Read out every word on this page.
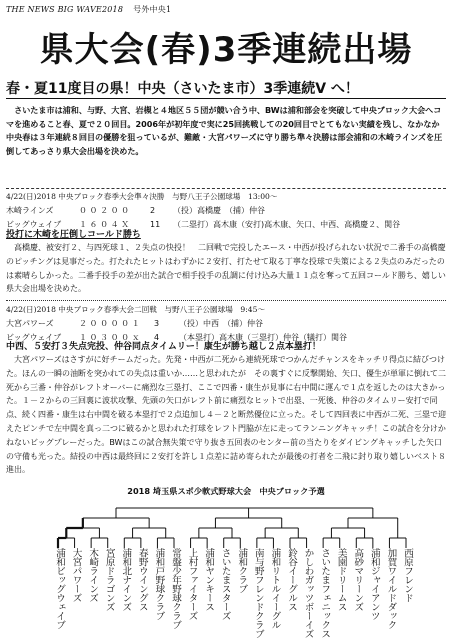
THE NEWS BIG WAVE2018 号外中央1
県大会(春)3季連続出場
春・夏11度目の県！中央（さいたま市）3季連続V へ！

さいたま市は浦和、与野、大宮、岩槻と４地区５５団が競い合う中、BWは浦和部会を突破して中央ブロック大会へコマを進めること春、夏で２０回目。2006年が初年度で実に25回挑戦しての20回目でとてもない実績を残し、なかなか中央春は３年連続８回目の優勝を狙っているが、難敵・大宮パワーズに守り勝ち準々決勝は部会浦和の木崎ラインズを圧倒してあっさり県大会出場を決めた。

4/22(日)2018 中央ブロック春季大会準々決勝　与野八王子公園球場　13:00～
木崎ラインズ	０ ０ ２ ０ ０	2	（投）高橋慶　（捕）仲谷
ビッグウェイブ	１ ６ ０ ４ Ｘ	11	（二塁打）高木康（安打)高木康、矢口、中西、高橋慶２、関谷
投打に木崎を圧倒しコールド勝ち

高橋慶、被安打２、与四死球１、２失点の快投！　二回戦で完投したエース・中西が投げられない状況で二番手の高橋慶のピッチングは見事だった。打たれたヒットはわずかに２安打、打たせて取る丁寧な投球で失策による２失点のみだったのは素晴らしかった。二番手投手の差が出た試合で相手投手の乱調に付け込み大量１１点を奪って五回コールド勝ち、嬉しい県大会出場を決めた。

4/22(日)2018 中央ブロック春季大会二回戦　与野八王子公園球場　9:45～
大宮パワーズ	２ ０ ０ ０ ０ １	3	（投）中西　（捕）仲谷
ビッグウェイブ	１ ０ ３ ０ ０ ｘ	4	（本塁打）高木康（三塁打）仲谷（犠打）関谷
中西、５安打３失点完投、仲谷同点タイムリー！康生が勝ち越し２点本塁打！

大宮パワーズはさすがに好チームだった。先発・中西が二死から連続死球でつかんだチャンスをキッチリ得点に結びつけた。ほんの一瞬の油断を突かれての失点は重いか……と思われたが　その裏すぐに反撃開始、矢口、優生が単軍に倒れて二死から三番・仲谷がレフトオーバーに痛烈な三塁打、ここで四番・康生が見事に右中間に運んで１点を返したのは大きかった。１－２からの三回裏に波状攻撃、先頭の矢口がレフト前に痛烈なヒットで出塁、一死後、仲谷のタイムリー安打で同点、続く四番・康生は右中間を破る本塁打で２点追加し４－２と断然優位に立った。そして四回表に中西が二死、三塁で迎えたピンチで左中間を真っ二つに破るかと思われた打球をレフト門脇が左に走ってランニングキャッチ！この試合を分けかねないビッグプレーだった。BWはこの試合無失策で守り抜き五回表のセンター前の当たりをダイビングキャッチした矢口の守備も光った。結投の中西は最終回に２安打を許し１点差に詰め寄られたが最後の打者を二飛に封り取り嬉しいベスト８進出。

2018 埼玉県スポ少軟式野球大会　中央ブロック予選
浦和ビッグウェイブ 大宮パワーズ 木崎ラインズ 宮原ドラゴンズ 浦和北ナインズ 春野ウイングス 浦和戸野球クラブ 常盤少年野球クラブ 上村ファイターズ 浦和ヤンキース さいたまスターズ 浦和クラブ 南与野フレンドクラブ 浦和リトルイーグル 鈴谷イーグルス かしわガッツボーイズ さいたまフェニックス 美園ドリームス 高砂マリーンズ 浦和ジャイアンツ 加賀ワイルドダック 西原フレンド
